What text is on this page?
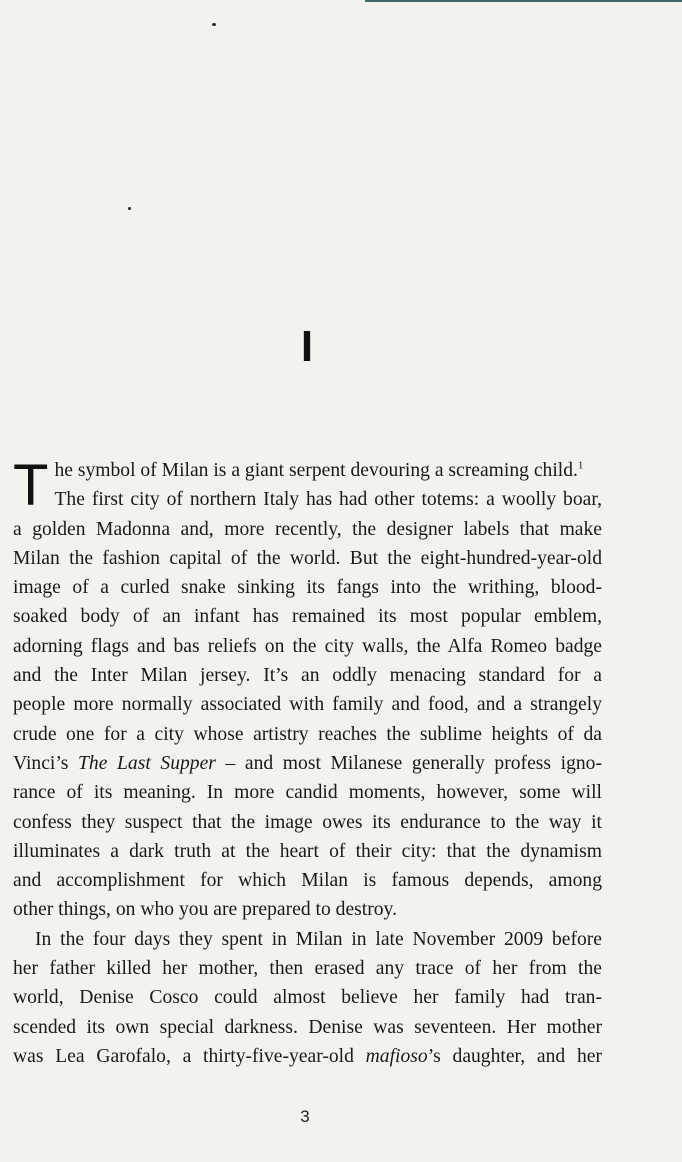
I
T he symbol of Milan is a giant serpent devouring a screaming child.$^1$
The first city of northern Italy has had other totems: a woolly boar,
a golden Madonna and, more recently, the designer labels that make
Milan the fashion capital of the world. But the eight-hundred-year-old
image of a curled snake sinking its fangs into the writhing, blood-
soaked body of an infant has remained its most popular emblem,
adorning flags and bas reliefs on the city walls, the Alfa Romeo badge
and the Inter Milan jersey. It’s an oddly menacing standard for a
people more normally associated with family and food, and a strangely
crude one for a city whose artistry reaches the sublime heights of da
Vinci’s The Last Supper – and most Milanese generally profess igno-
rance of its meaning. In more candid moments, however, some will
confess they suspect that the image owes its endurance to the way it
illuminates a dark truth at the heart of their city: that the dynamism
and accomplishment for which Milan is famous depends, among
other things, on who you are prepared to destroy.
In the four days they spent in Milan in late November 2009 before
her father killed her mother, then erased any trace of her from the
world, Denise Cosco could almost believe her family had tran-
scended its own special darkness. Denise was seventeen. Her mother
was Lea Garofalo, a thirty-five-year-old mafioso’s daughter, and her
3
